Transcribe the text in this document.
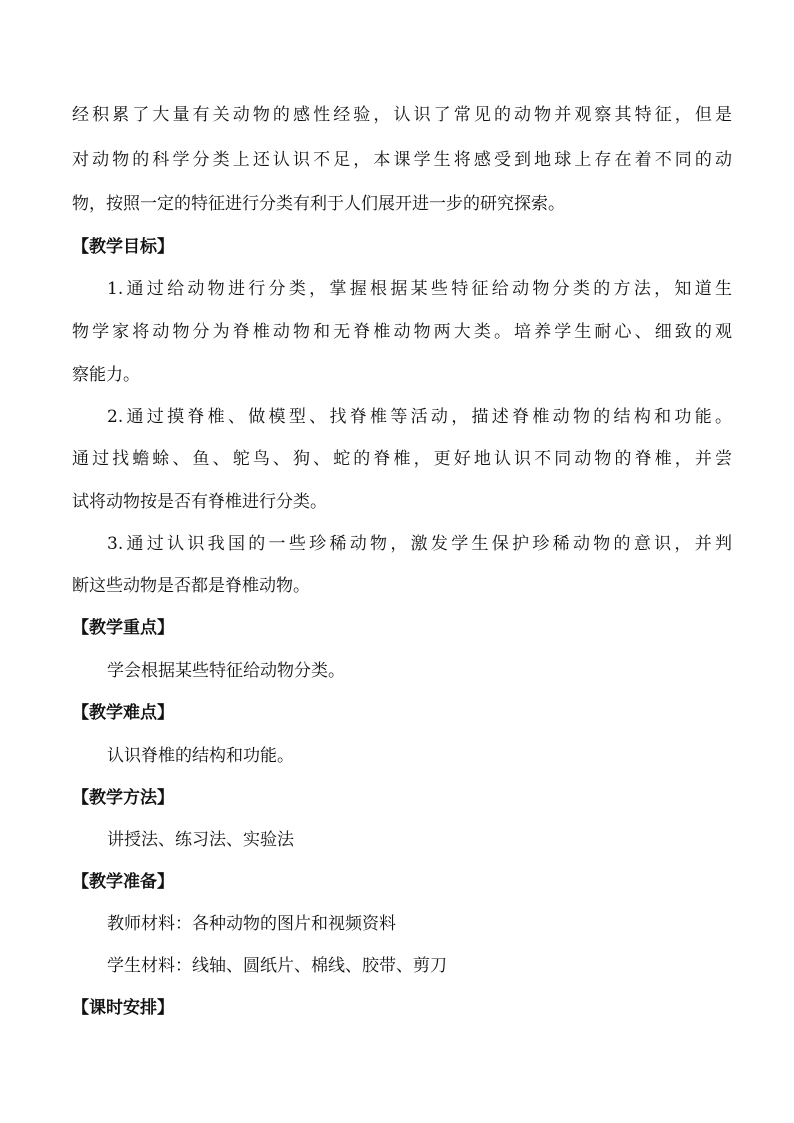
经积累了大量有关动物的感性经验，认识了常见的动物并观察其特征，但是
对动物的科学分类上还认识不足，本课学生将感受到地球上存在着不同的动
物，按照一定的特征进行分类有利于人们展开进一步的研究探索。
【教学目标】
1.通过给动物进行分类，掌握根据某些特征给动物分类的方法，知道生
物学家将动物分为脊椎动物和无脊椎动物两大类。培养学生耐心、细致的观
察能力。
2.通过摸脊椎、做模型、找脊椎等活动，描述脊椎动物的结构和功能。
通过找蟾蜍、鱼、鸵鸟、狗、蛇的脊椎，更好地认识不同动物的脊椎，并尝
试将动物按是否有脊椎进行分类。
3.通过认识我国的一些珍稀动物，激发学生保护珍稀动物的意识，并判
断这些动物是否都是脊椎动物。
【教学重点】
学会根据某些特征给动物分类。
【教学难点】
认识脊椎的结构和功能。
【教学方法】
讲授法、练习法、实验法
【教学准备】
教师材料：各种动物的图片和视频资料
学生材料：线轴、圆纸片、棉线、胶带、剪刀
【课时安排】
